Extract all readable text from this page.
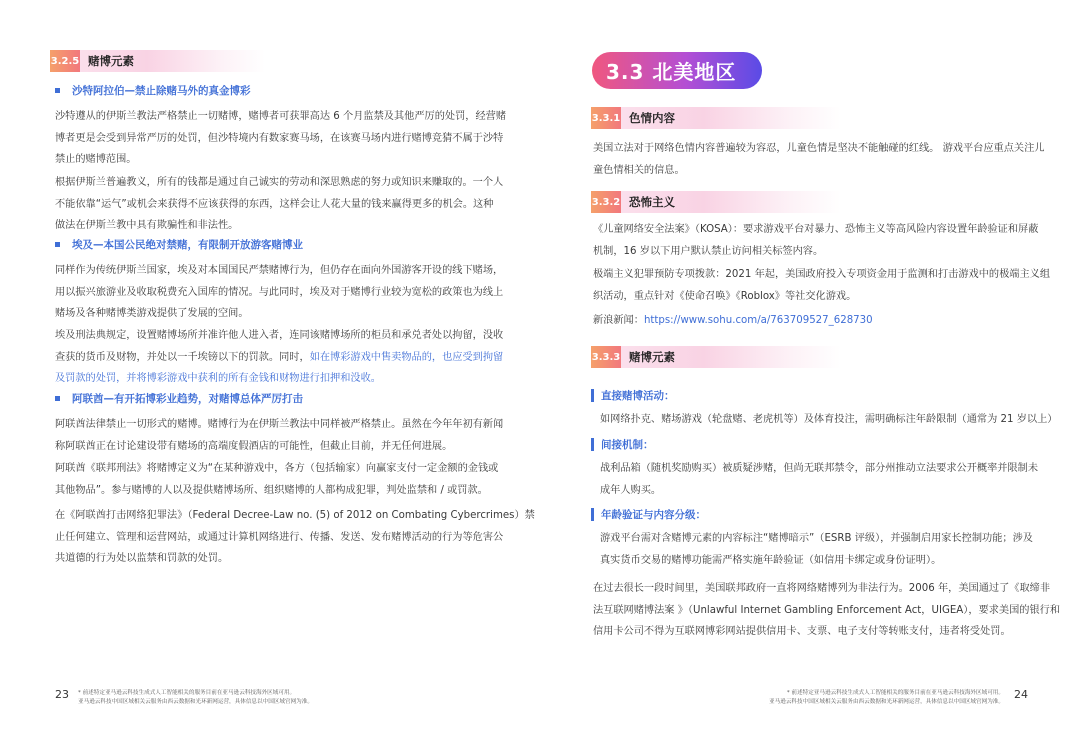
3.2.5 赌博元素
沙特阿拉伯—禁止除赌马外的真金博彩
沙特遵从的伊斯兰教法严格禁止一切赌博，赌博者可获罪高达 6 个月监禁及其他严厉的处罚，经营赌
博者更是会受到异常严厉的处罚，但沙特境内有数家赛马场，在该赛马场内进行赌博竞猜不属于沙特
禁止的赌博范围。
根据伊斯兰普遍教义，所有的钱都是通过自己诚实的劳动和深思熟虑的努力或知识来赚取的。一个人
不能依靠“运气”或机会来获得不应该获得的东西，这样会让人花大量的钱来赢得更多的机会。这种
做法在伊斯兰教中具有欺骗性和非法性。
埃及—本国公民绝对禁赌，有限制开放游客赌博业
同样作为传统伊斯兰国家，埃及对本国国民严禁赌博行为，但仍存在面向外国游客开设的线下赌场，
用以振兴旅游业及收取税费充入国库的情况。与此同时，埃及对于赌博行业较为宽松的政策也为线上
赌场及各种赌博类游戏提供了发展的空间。
埃及刑法典规定，设置赌博场所并准许他人进入者，连同该赌博场所的柜员和承兑者处以拘留，没收
查获的货币及财物，并处以一千埃镑以下的罚款。同时，如在博彩游戏中售卖物品的，也应受到拘留
及罚款的处罚，并将博彩游戏中获利的所有金钱和财物进行扣押和没收。
阿联酋—有开拓博彩业趋势，对赌博总体严厉打击
阿联酋法律禁止一切形式的赌博。赌博行为在伊斯兰教法中同样被严格禁止。虽然在今年年初有新闻
称阿联酋正在讨论建设带有赌场的高端度假酒店的可能性，但截止目前，并无任何进展。
阿联酋《联邦刑法》将赌博定义为“在某种游戏中，各方（包括输家）向赢家支付一定金额的金钱或
其他物品”。参与赌博的人以及提供赌博场所、组织赌博的人都构成犯罪，判处监禁和 / 或罚款。
在《阿联酋打击网络犯罪法》（Federal Decree-Law no. (5) of 2012 on Combating Cybercrimes）禁
止任何建立、管理和运营网站，或通过计算机网络进行、传播、发送、发布赌博活动的行为等危害公
共道德的行为处以监禁和罚款的处罚。
23 * 前述特定亚马逊云科技生成式人工智能相关的服务目前在亚马逊云科技海外区域可用。
亚马逊云科技中国区域相关云服务由西云数据和光环新网运营，具体信息以中国区域官网为准。
3.3 北美地区
3.3.1 色情内容
美国立法对于网络色情内容普遍较为容忍，儿童色情是坚决不能触碰的红线。 游戏平台应重点关注儿
童色情相关的信息。
3.3.2 恐怖主义
《儿童网络安全法案》（KOSA）：要求游戏平台对暴力、恐怖主义等高风险内容设置年龄验证和屏蔽
机制，16 岁以下用户默认禁止访问相关标签内容。
极端主义犯罪预防专项拨款：2021 年起，美国政府投入专项资金用于监测和打击游戏中的极端主义组
织活动，重点针对《使命召唤》《Roblox》等社交化游戏。
新浪新闻：https://www.sohu.com/a/763709527_628730
3.3.3 赌博元素
直接赌博活动：
如网络扑克、赌场游戏（轮盘赌、老虎机等）及体育投注，需明确标注年龄限制（通常为 21 岁以上）
间接机制：
战利品箱（随机奖励购买）被质疑涉赌，但尚无联邦禁令，部分州推动立法要求公开概率并限制未
成年人购买。
年龄验证与内容分级：
游戏平台需对含赌博元素的内容标注“赌博暗示”（ESRB 评级），并强制启用家长控制功能；涉及
真实货币交易的赌博功能需严格实施年龄验证（如信用卡绑定或身份证明）。
在过去很长一段时间里，美国联邦政府一直将网络赌博列为非法行为。2006 年，美国通过了《取缔非
法互联网赌博法案 》（Unlawful Internet Gambling Enforcement Act，UIGEA），要求美国的银行和
信用卡公司不得为互联网博彩网站提供信用卡、支票、电子支付等转账支付，违者将受处罚。
* 前述特定亚马逊云科技生成式人工智能相关的服务目前在亚马逊云科技海外区域可用。
亚马逊云科技中国区域相关云服务由西云数据和光环新网运营，具体信息以中国区域官网为准。
24
